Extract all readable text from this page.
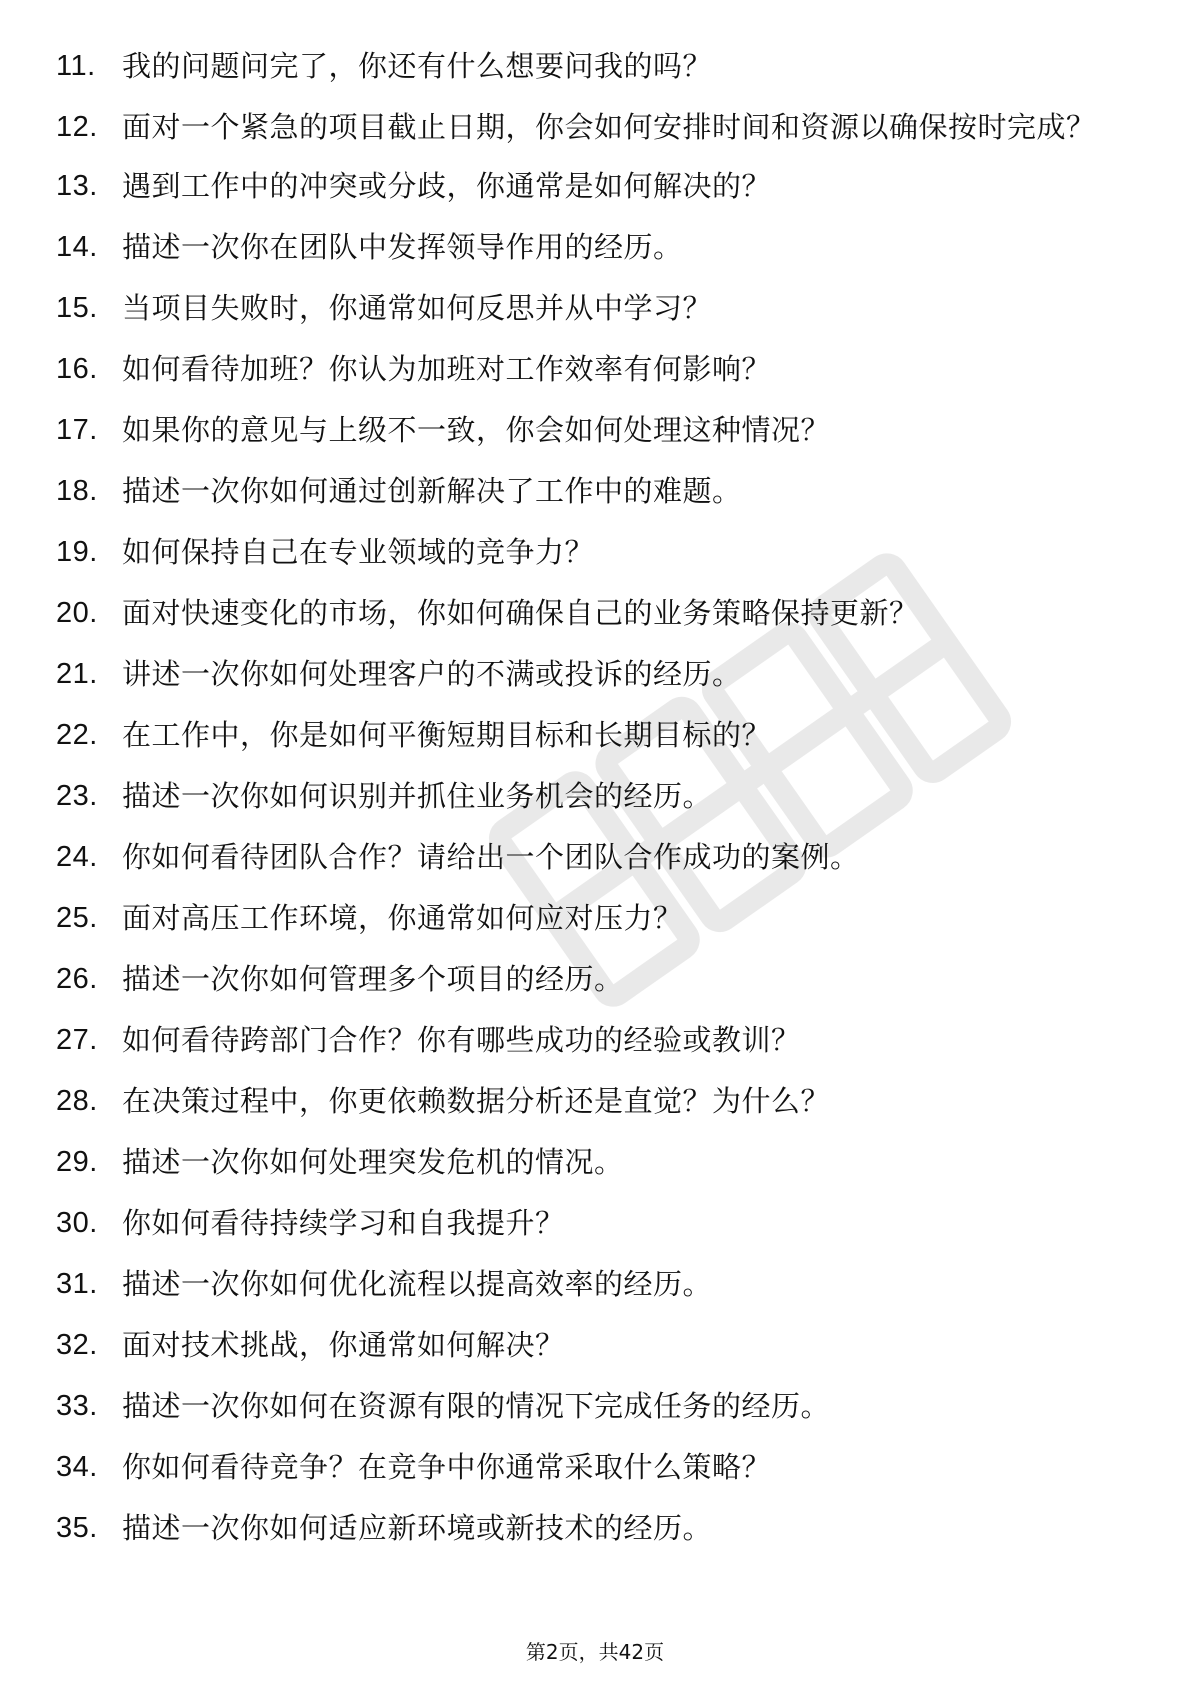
11. 我的问题问完了，你还有什么想要问我的吗？
12. 面对一个紧急的项目截止日期，你会如何安排时间和资源以确保按时完成？
13. 遇到工作中的冲突或分歧，你通常是如何解决的？
14. 描述一次你在团队中发挥领导作用的经历。
15. 当项目失败时，你通常如何反思并从中学习？
16. 如何看待加班？你认为加班对工作效率有何影响？
17. 如果你的意见与上级不一致，你会如何处理这种情况？
18. 描述一次你如何通过创新解决了工作中的难题。
19. 如何保持自己在专业领域的竞争力？
20. 面对快速变化的市场，你如何确保自己的业务策略保持更新？
21. 讲述一次你如何处理客户的不满或投诉的经历。
22. 在工作中，你是如何平衡短期目标和长期目标的？
23. 描述一次你如何识别并抓住业务机会的经历。
24. 你如何看待团队合作？请给出一个团队合作成功的案例。
25. 面对高压工作环境，你通常如何应对压力？
26. 描述一次你如何管理多个项目的经历。
27. 如何看待跨部门合作？你有哪些成功的经验或教训？
28. 在决策过程中，你更依赖数据分析还是直觉？为什么？
29. 描述一次你如何处理突发危机的情况。
30. 你如何看待持续学习和自我提升？
31. 描述一次你如何优化流程以提高效率的经历。
32. 面对技术挑战，你通常如何解决？
33. 描述一次你如何在资源有限的情况下完成任务的经历。
34. 你如何看待竞争？在竞争中你通常采取什么策略？
35. 描述一次你如何适应新环境或新技术的经历。
第2页，共42页
